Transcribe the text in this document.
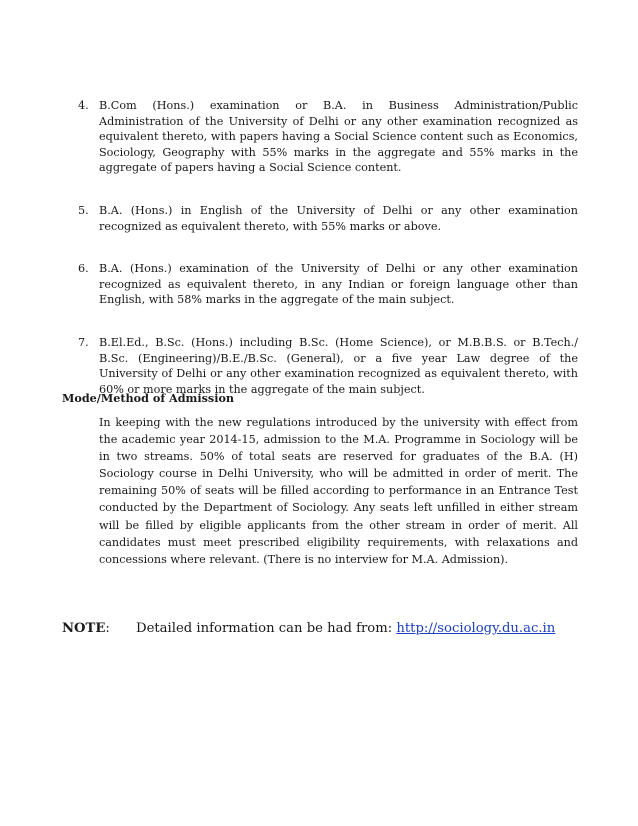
4. B.Com (Hons.) examination or B.A. in Business Administration/Public Administration of the University of Delhi or any other examination recognized as equivalent thereto, with papers having a Social Science content such as Economics, Sociology, Geography with 55% marks in the aggregate and 55% marks in the aggregate of papers having a Social Science content.
5. B.A. (Hons.) in English of the University of Delhi or any other examination recognized as equivalent thereto, with 55% marks or above.
6. B.A. (Hons.) examination of the University of Delhi or any other examination recognized as equivalent thereto, in any Indian or foreign language other than English, with 58% marks in the aggregate of the main subject.
7. B.El.Ed., B.Sc. (Hons.) including B.Sc. (Home Science), or M.B.B.S. or B.Tech./ B.Sc. (Engineering)/B.E./B.Sc. (General), or a five year Law degree of the University of Delhi or any other examination recognized as equivalent thereto, with 60% or more marks in the aggregate of the main subject.
Mode/Method of Admission

In keeping with the new regulations introduced by the university with effect from the academic year 2014-15, admission to the M.A. Programme in Sociology will be in two streams. 50% of total seats are reserved for graduates of the B.A. (H) Sociology course in Delhi University, who will be admitted in order of merit. The remaining 50% of seats will be filled according to performance in an Entrance Test conducted by the Department of Sociology. Any seats left unfilled in either stream will be filled by eligible applicants from the other stream in order of merit. All candidates must meet prescribed eligibility requirements, with relaxations and concessions where relevant. (There is no interview for M.A. Admission).

NOTE: Detailed information can be had from: http://sociology.du.ac.in
